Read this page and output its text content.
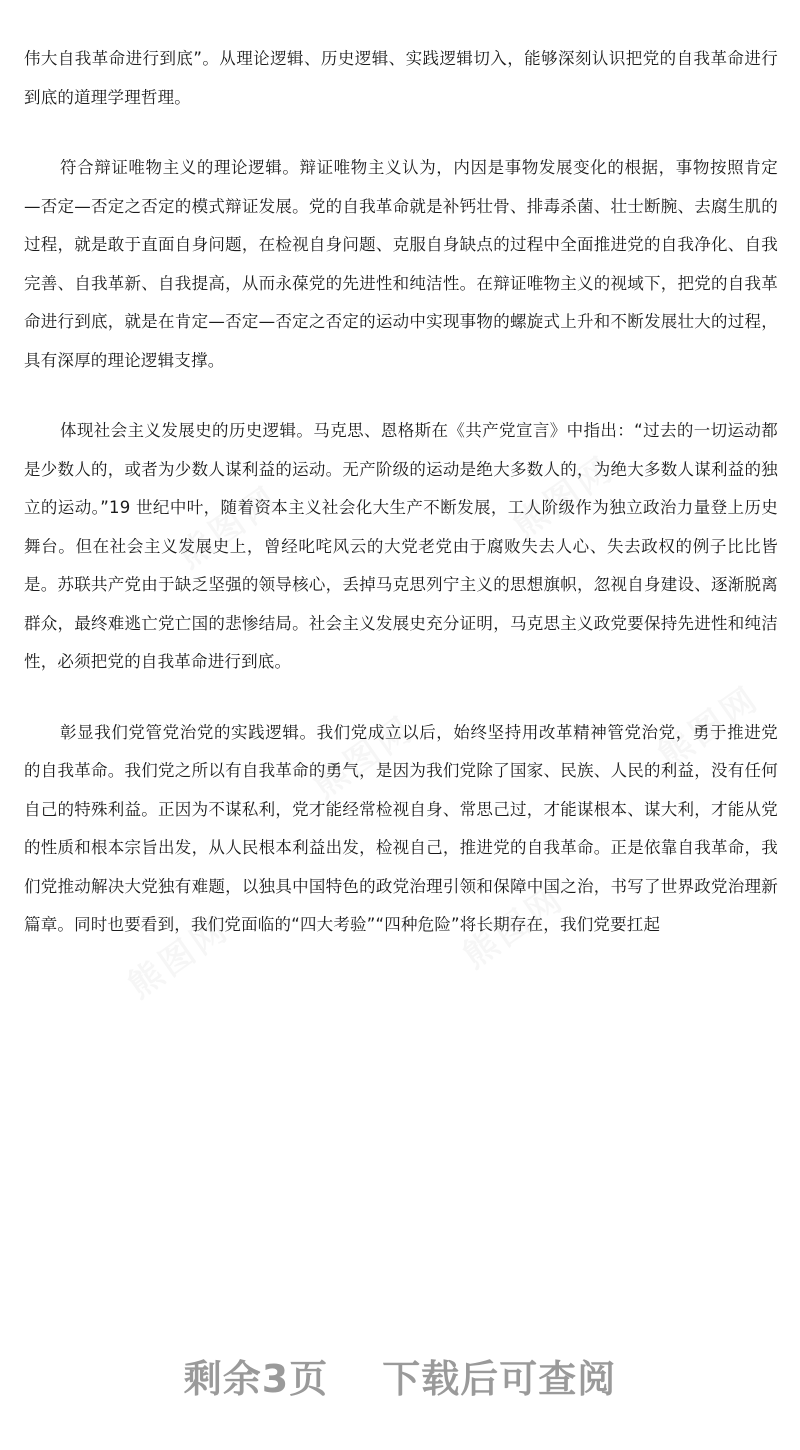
伟大自我革命进行到底”。从理论逻辑、历史逻辑、实践逻辑切入，能够深刻认识把党的自我革命进行到底的道理学理哲理。

符合辩证唯物主义的理论逻辑。辩证唯物主义认为，内因是事物发展变化的根据，事物按照肯定—否定—否定之否定的模式辩证发展。党的自我革命就是补钙壮骨、排毒杀菌、壮士断腕、去腐生肌的过程，就是敢于直面自身问题，在检视自身问题、克服自身缺点的过程中全面推进党的自我净化、自我完善、自我革新、自我提高，从而永葆党的先进性和纯洁性。在辩证唯物主义的视域下，把党的自我革命进行到底，就是在肯定—否定—否定之否定的运动中实现事物的螺旋式上升和不断发展壮大的过程，具有深厚的理论逻辑支撑。

体现社会主义发展史的历史逻辑。马克思、恩格斯在《共产党宣言》中指出：“过去的一切运动都是少数人的，或者为少数人谋利益的运动。无产阶级的运动是绝大多数人的，为绝大多数人谋利益的独立的运动。”19 世纪中叶，随着资本主义社会化大生产不断发展，工人阶级作为独立政治力量登上历史舞台。但在社会主义发展史上，曾经叱咤风云的大党老党由于腐败失去人心、失去政权的例子比比皆是。苏联共产党由于缺乏坚强的领导核心，丢掉马克思列宁主义的思想旗帜，忽视自身建设、逐渐脱离群众，最终难逃亡党亡国的悲惨结局。社会主义发展史充分证明，马克思主义政党要保持先进性和纯洁性，必须把党的自我革命进行到底。

彰显我们党管党治党的实践逻辑。我们党成立以后，始终坚持用改革精神管党治党，勇于推进党的自我革命。我们党之所以有自我革命的勇气，是因为我们党除了国家、民族、人民的利益，没有任何自己的特殊利益。正因为不谋私利，党才能经常检视自身、常思己过，才能谋根本、谋大利，才能从党的性质和根本宗旨出发，从人民根本利益出发，检视自己，推进党的自我革命。正是依靠自我革命，我们党推动解决大党独有难题，以独具中国特色的政党治理引领和保障中国之治，书写了世界政党治理新篇章。同时也要看到，我们党面临的“四大考验”“四种危险”将长期存在，我们党要扛起

剩余3页 下载后可查阅
